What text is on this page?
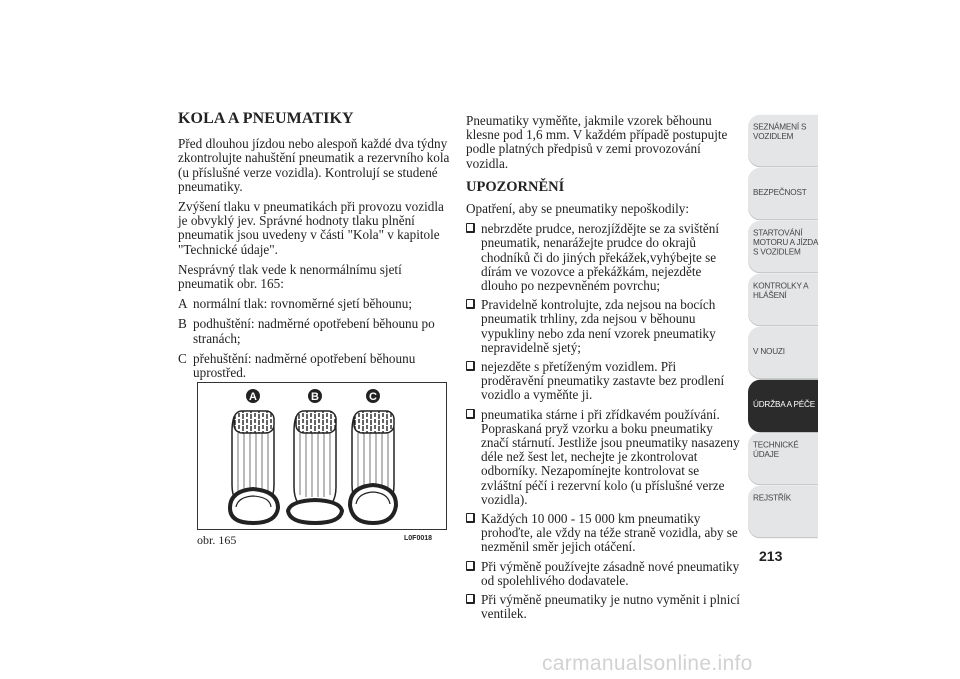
KOLA A PNEUMATIKY

Před dlouhou jízdou nebo alespoň každé dva týdny zkontrolujte nahuštění pneumatik a rezervního kola (u příslušné verze vozidla). Kontrolují se studené pneumatiky.

Zvýšení tlaku v pneumatikách při provozu vozidla je obvyklý jev. Správné hodnoty tlaku plnění pneumatik jsou uvedeny v části "Kola" v kapitole "Technické údaje".

Nesprávný tlak vede k nenormálnímu sjetí pneumatik obr. 165:

A normální tlak: rovnoměrné sjetí běhounu;
B podhuštění: nadměrné opotřebení běhounu po stranách;
C přehuštění: nadměrné opotřebení běhounu uprostřed.
A	B	C
obr. 165	L0F0018

Pneumatiky vyměňte, jakmile vzorek běhounu klesne pod 1,6 mm. V každém případě postupujte podle platných předpisů v zemi provozování vozidla.

UPOZORNĚNÍ

Opatření, aby se pneumatiky nepoškodily:

nebrzděte prudce, nerozjíždějte se za svištění pneumatik, nenarážejte prudce do okrajů chodníků či do jiných překážek,vyhýbejte se dírám ve vozovce a překážkám, nejezděte dlouho po nezpevněném povrchu;
Pravidelně kontrolujte, zda nejsou na bocích pneumatik trhliny, zda nejsou v běhounu vypukliny nebo zda není vzorek pneumatiky nepravidelně sjetý;
nejezděte s přetíženým vozidlem. Při proděravění pneumatiky zastavte bez prodlení vozidlo a vyměňte ji.
pneumatika stárne i při zřídkavém používání. Popraskaná pryž vzorku a boku pneumatiky značí stárnutí. Jestliže jsou pneumatiky nasazeny déle než šest let, nechejte je zkontrolovat odborníky. Nezapomínejte kontrolovat se zvláštní péčí i rezervní kolo (u příslušné verze vozidla).
Každých 10 000 - 15 000 km pneumatiky prohoďte, ale vždy na téže straně vozidla, aby se nezměnil směr jejich otáčení.
Při výměně používejte zásadně nové pneumatiky od spolehlivého dodavatele.
Při výměně pneumatiky je nutno vyměnit i plnicí ventilek.
SEZNÁMENÍ S VOZIDLEM
BEZPEČNOST
STARTOVÁNÍ MOTORU A JÍZDA S VOZIDLEM
KONTROLKY A HLÁŠENÍ
V NOUZI
ÚDRŽBA A PÉČE
TECHNICKÉ ÚDAJE
REJSTŘÍK
213
carmanualsonline.info
